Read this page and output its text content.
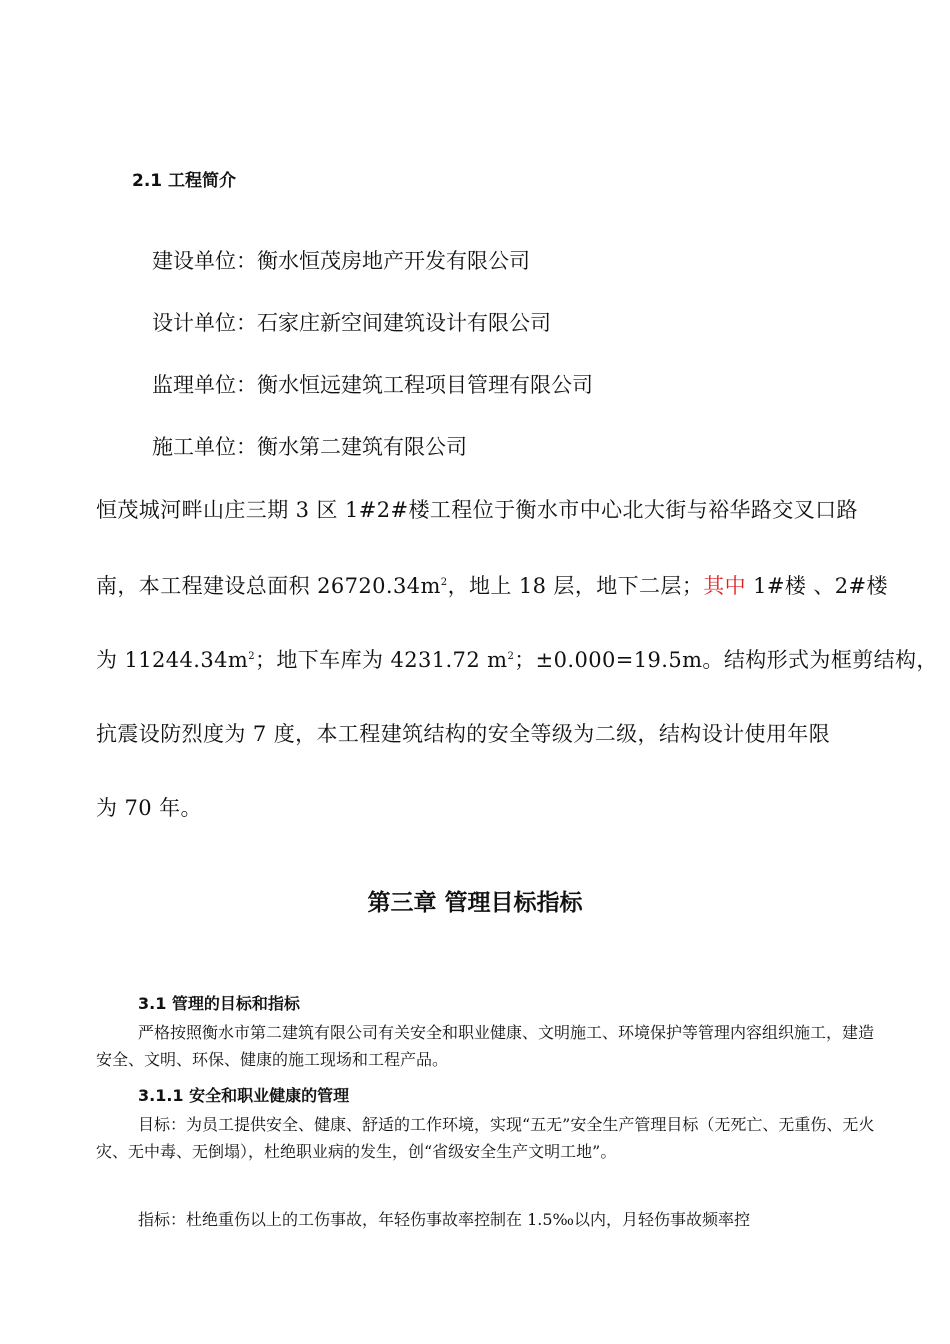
2.1 工程简介
建设单位：衡水恒茂房地产开发有限公司
设计单位：石家庄新空间建筑设计有限公司
监理单位：衡水恒远建筑工程项目管理有限公司
施工单位：衡水第二建筑有限公司
恒茂城河畔山庄三期 3 区 1#2#楼工程位于衡水市中心北大街与裕华路交叉口路
南，本工程建设总面积 $26720.34m^2$，地上 18 层，地下二层；其中 1#楼 、2#楼
为 $11244.34m^2$；地下车库为 4231.72 $m^2$；±0.000=19.5m。结构形式为框剪结构，
抗震设防烈度为 7 度，本工程建筑结构的安全等级为二级，结构设计使用年限
为 70 年。
第三章 管理目标指标
3.1 管理的目标和指标
严格按照衡水市第二建筑有限公司有关安全和职业健康、文明施工、环境保护等管理内容组织施工，建造安全、文明、环保、健康的施工现场和工程产品。
3.1.1 安全和职业健康的管理
目标：为员工提供安全、健康、舒适的工作环境，实现“五无”安全生产管理目标（无死亡、无重伤、无火灾、无中毒、无倒塌），杜绝职业病的发生，创“省级安全生产文明工地”。
指标：杜绝重伤以上的工伤事故，年轻伤事故率控制在 1.5‰以内，月轻伤事故频率控
